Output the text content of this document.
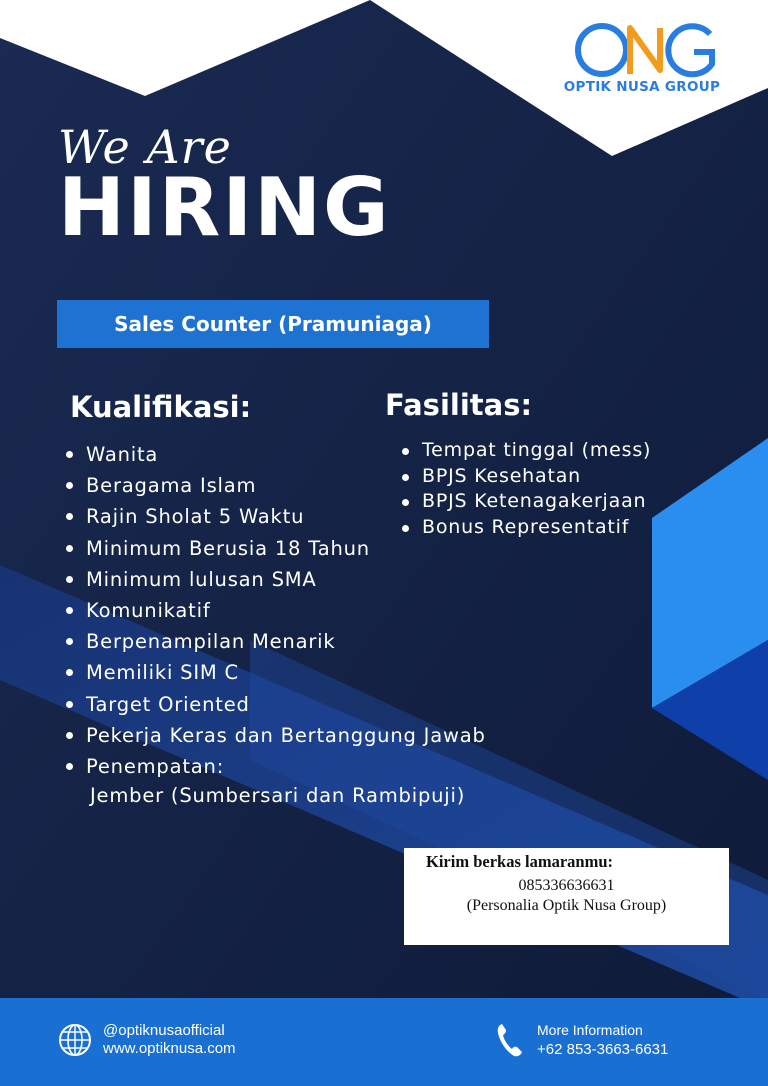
OPTIK NUSA GROUP
We Are
HIRING
Sales Counter (Pramuniaga)
Kualifikasi:
Wanita
Beragama Islam
Rajin Sholat 5 Waktu
Minimum Berusia 18 Tahun
Minimum lulusan SMA
Komunikatif
Berpenampilan Menarik
Memiliki SIM C
Target Oriented
Pekerja Keras dan Bertanggung Jawab
Penempatan:
Jember (Sumbersari dan Rambipuji)
Fasilitas:
Tempat tinggal (mess)
BPJS Kesehatan
BPJS Ketenagakerjaan
Bonus Representatif
Kirim berkas lamaranmu:
085336636631
(Personalia Optik Nusa Group)
@optiknusaofficial
www.optiknusa.com
More Information
+62 853-3663-6631
